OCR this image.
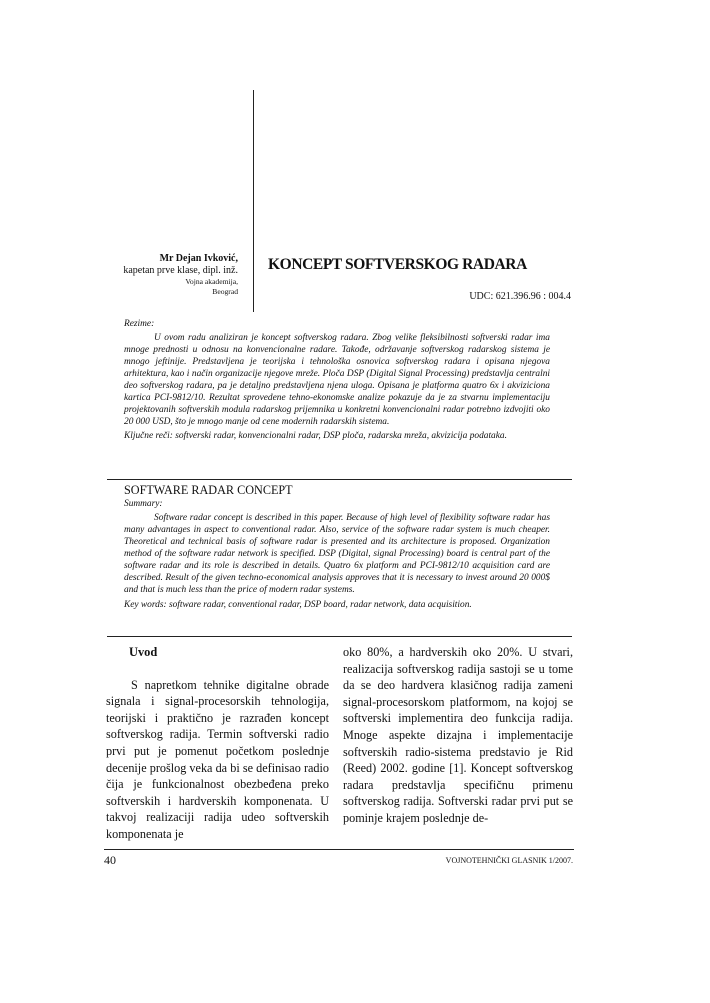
Mr Dejan Ivković,
kapetan prve klase, dipl. inž.
Vojna akademija,
Beograd
KONCEPT SOFTVERSKOG RADARA
UDC: 621.396.96 : 004.4
Rezime:
U ovom radu analiziran je koncept softverskog radara. Zbog velike fleksibilnosti softverski radar ima mnoge prednosti u odnosu na konvencionalne radare. Takođe, održavanje softverskog radarskog sistema je mnogo jeftinije. Predstavljena je teorijska i tehnološka osnovica softverskog radara i opisana njegova arhitektura, kao i način organizacije njegove mreže. Ploča DSP (Digital Signal Processing) predstavlja centralni deo softverskog radara, pa je detaljno predstavljena njena uloga. Opisana je platforma quatro 6x i akviziciona kartica PCI-9812/10. Rezultat sprovedene tehno-ekonomske analize pokazuje da je za stvarnu implementaciju projektovanih softverskih modula radarskog prijemnika u konkretni konvencionalni radar potrebno izdvojiti oko 20 000 USD, što je mnogo manje od cene modernih radarskih sistema.
Ključne reči: softverski radar, konvencionalni radar, DSP ploča, radarska mreža, akvizicija podataka.
SOFTWARE RADAR CONCEPT
Summary:
Software radar concept is described in this paper. Because of high level of flexibility software radar has many advantages in aspect to conventional radar. Also, service of the software radar system is much cheaper. Theoretical and technical basis of software radar is presented and its architecture is proposed. Organization method of the software radar network is specified. DSP (Digital, signal Processing) board is central part of the software radar and its role is described in details. Quatro 6x platform and PCI-9812/10 acquisition card are described. Result of the given techno-economical analysis approves that it is necessary to invest around 20 000$ and that is much less than the price of modern radar systems.
Key words: software radar, conventional radar, DSP board, radar network, data acquisition.

Uvod

S napretkom tehnike digitalne obrade signala i signal-procesorskih tehnologija, teorijski i praktično je razrađen koncept softverskog radija. Termin softverski radio prvi put je pomenut početkom poslednje decenije prošlog veka da bi se definisao radio čija je funkcionalnost obezbeđena preko softverskih i hardverskih komponenata. U takvoj realizaciji radija udeo softverskih komponenata je

oko 80%, a hardverskih oko 20%. U stvari, realizacija softverskog radija sastoji se u tome da se deo hardvera klasičnog radija zameni signal-procesorskom platformom, na kojoj se softverski implementira deo funkcija radija. Mnoge aspekte dizajna i implementacije softverskih radio-sistema predstavio je Rid (Reed) 2002. godine [1]. Koncept softverskog radara predstavlja specifičnu primenu softverskog radija. Softverski radar prvi put se pominje krajem poslednje de-

40	VOJNOTEHNIČKI GLASNIK 1/2007.
